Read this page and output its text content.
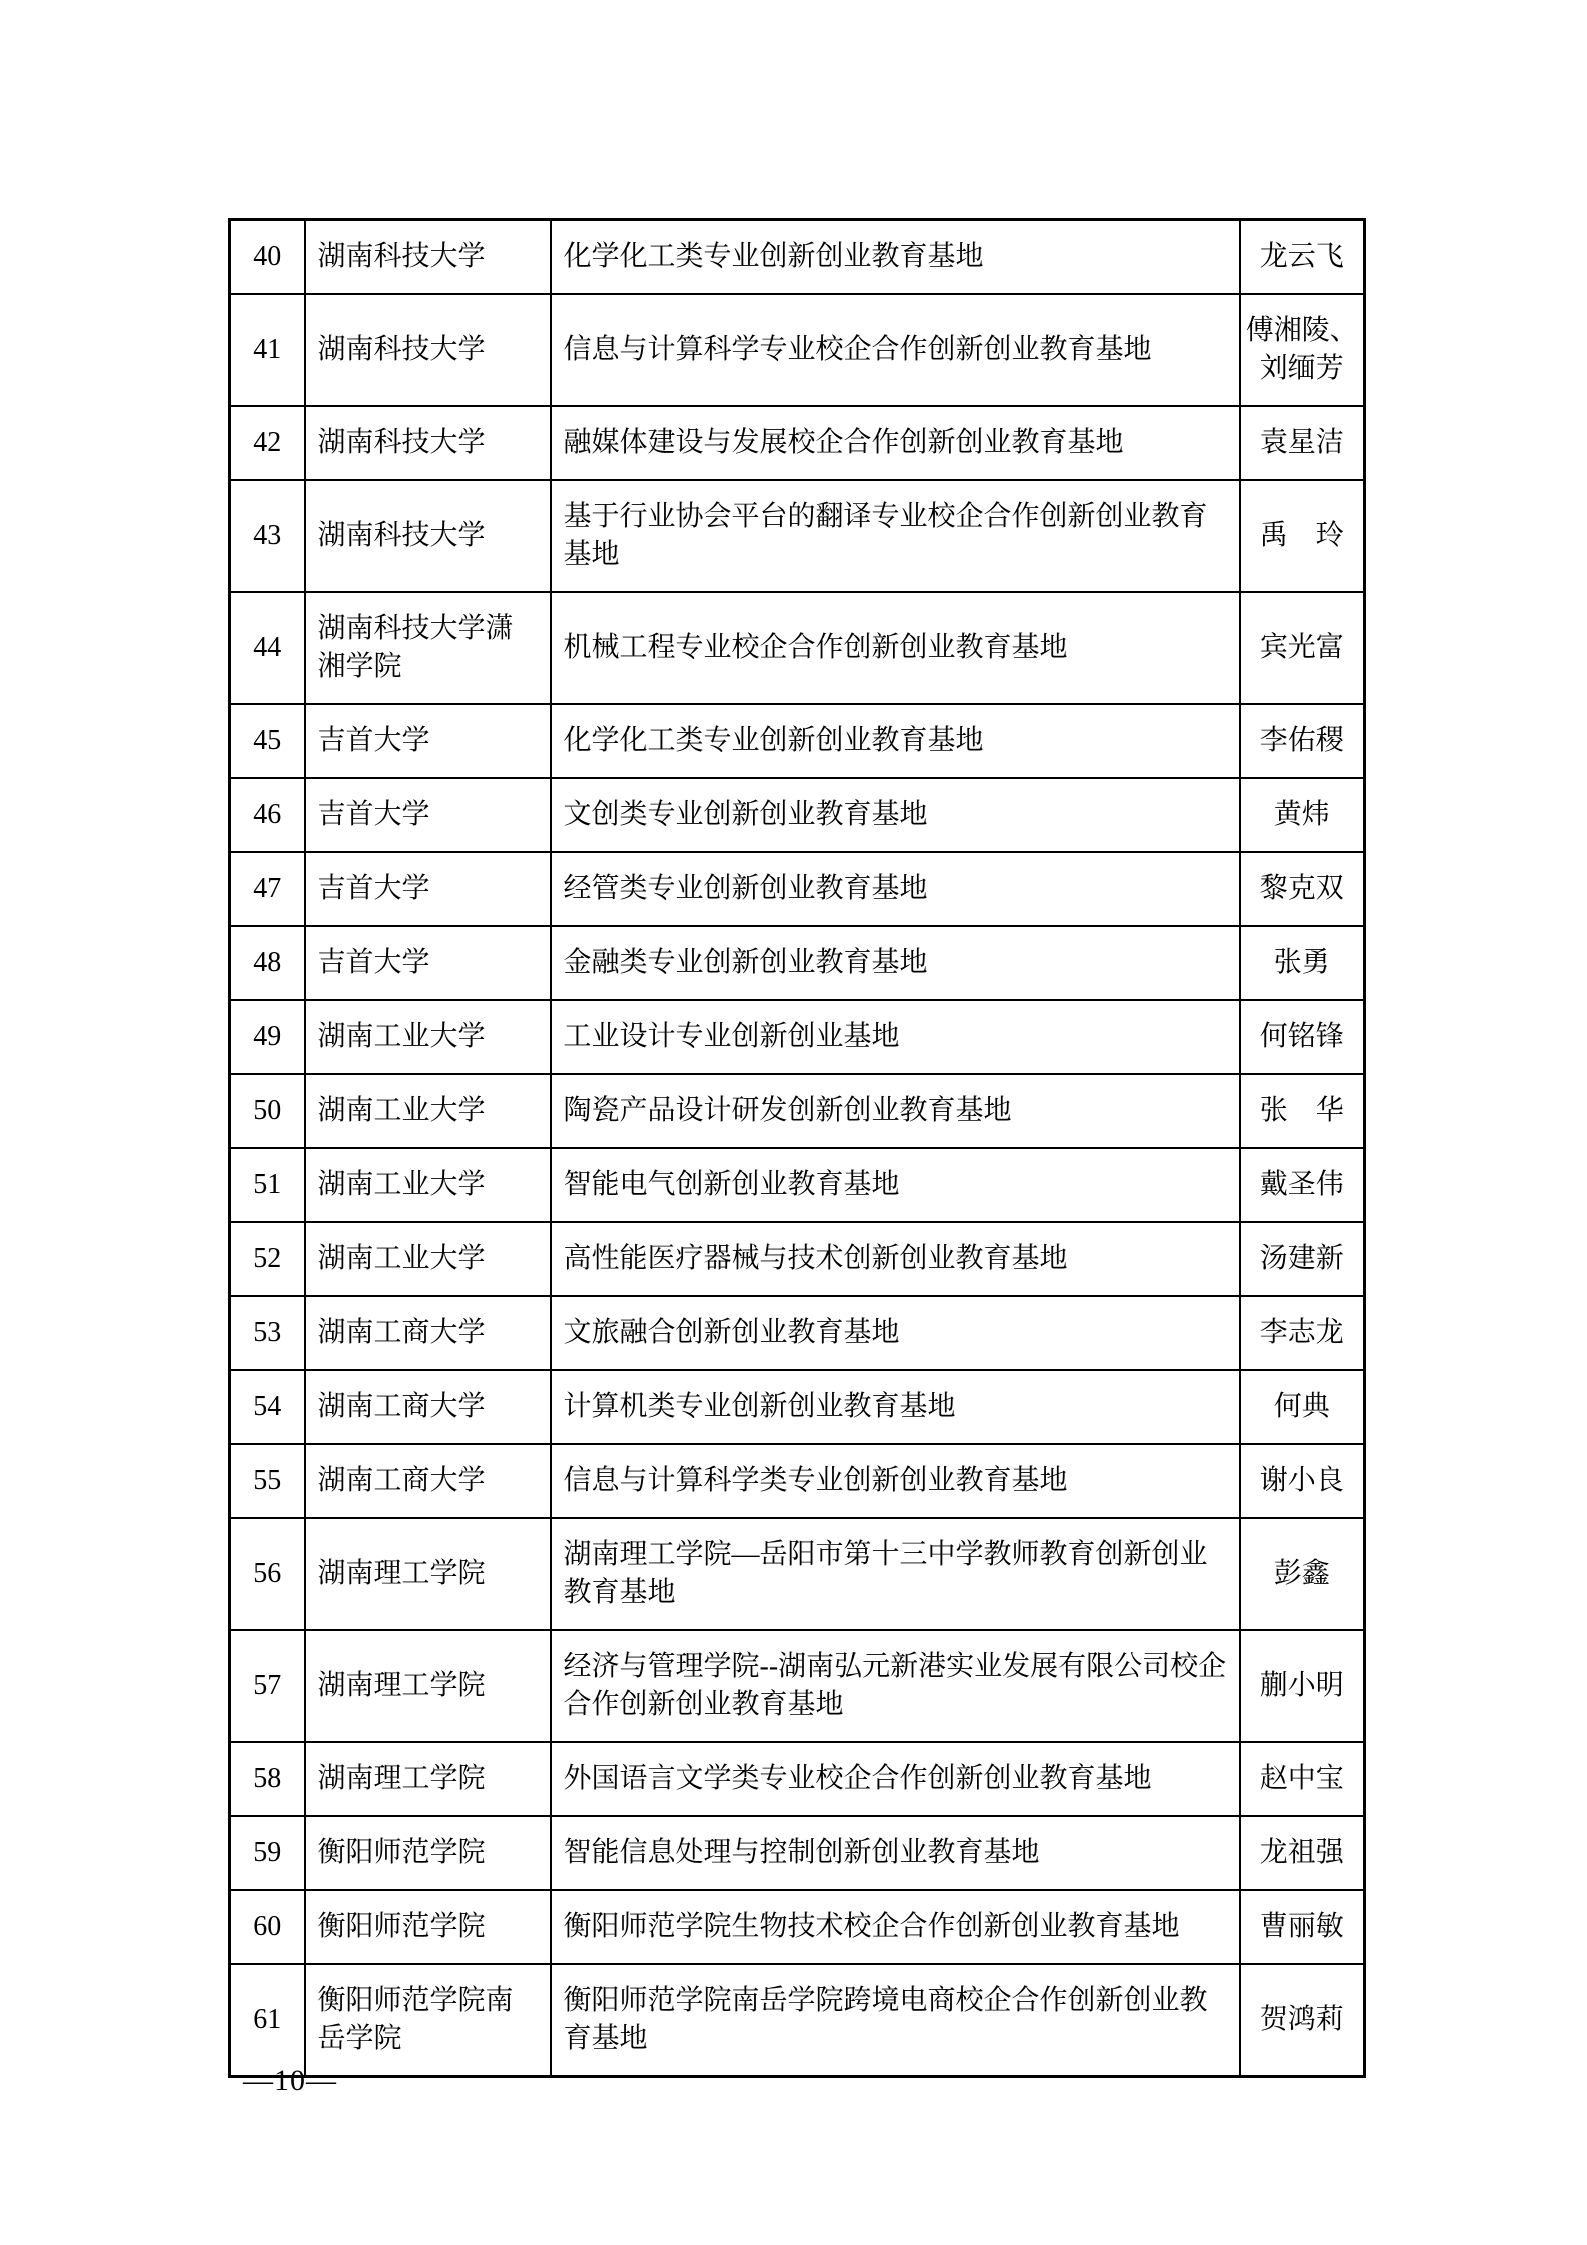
40	湖南科技大学	化学化工类专业创新创业教育基地	龙云飞
41	湖南科技大学	信息与计算科学专业校企合作创新创业教育基地	傅湘陵、刘缅芳
42	湖南科技大学	融媒体建设与发展校企合作创新创业教育基地	袁星洁
43	湖南科技大学	基于行业协会平台的翻译专业校企合作创新创业教育基地	禹　玲
44	湖南科技大学潇湘学院	机械工程专业校企合作创新创业教育基地	宾光富
45	吉首大学	化学化工类专业创新创业教育基地	李佑稷
46	吉首大学	文创类专业创新创业教育基地	黄炜
47	吉首大学	经管类专业创新创业教育基地	黎克双
48	吉首大学	金融类专业创新创业教育基地	张勇
49	湖南工业大学	工业设计专业创新创业基地	何铭锋
50	湖南工业大学	陶瓷产品设计研发创新创业教育基地	张　华
51	湖南工业大学	智能电气创新创业教育基地	戴圣伟
52	湖南工业大学	高性能医疗器械与技术创新创业教育基地	汤建新
53	湖南工商大学	文旅融合创新创业教育基地	李志龙
54	湖南工商大学	计算机类专业创新创业教育基地	何典
55	湖南工商大学	信息与计算科学类专业创新创业教育基地	谢小良
56	湖南理工学院	湖南理工学院—岳阳市第十三中学教师教育创新创业教育基地	彭鑫
57	湖南理工学院	经济与管理学院--湖南弘元新港实业发展有限公司校企合作创新创业教育基地	蒯小明
58	湖南理工学院	外国语言文学类专业校企合作创新创业教育基地	赵中宝
59	衡阳师范学院	智能信息处理与控制创新创业教育基地	龙祖强
60	衡阳师范学院	衡阳师范学院生物技术校企合作创新创业教育基地	曹丽敏
61	衡阳师范学院南岳学院	衡阳师范学院南岳学院跨境电商校企合作创新创业教育基地	贺鸿莉
—10—
